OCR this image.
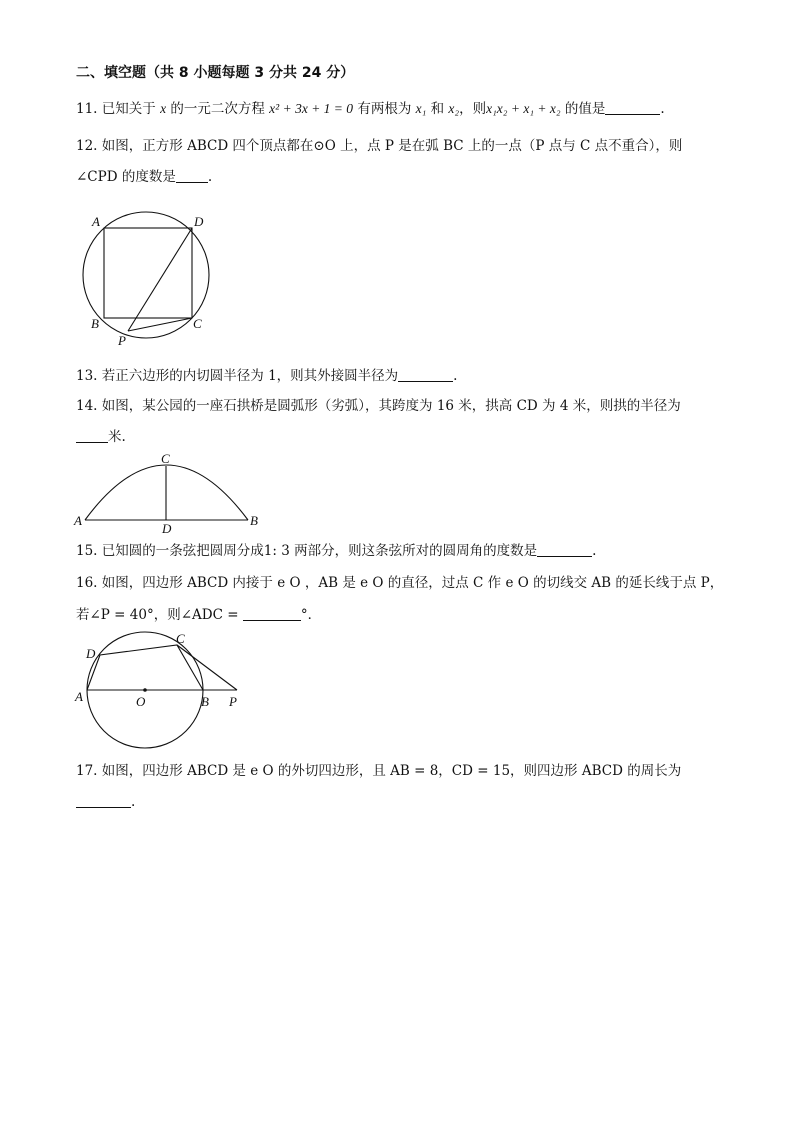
二、填空题（共 8 小题每题 3 分共 24 分）
11. 已知关于 x 的一元二次方程 x² + 3x + 1 = 0 有两根为 x₁ 和 x₂，则x₁x₂ + x₁ + x₂ 的值是	.
12. 如图，正方形 ABCD 四个顶点都在⊙O 上，点 P 是在弧 BC 上的一点（P 点与 C 点不重合），则
∠CPD 的度数是 .
A	D
B	C
P
13. 若正六边形的内切圆半径为 1，则其外接圆半径为	.
14. 如图，某公园的一座石拱桥是圆弧形（劣弧），其跨度为 16 米，拱高 CD 为 4 米，则拱的半径为
米.
C
A	B
D
15. 已知圆的一条弦把圆周分成1: 3 两部分，则这条弦所对的圆周角的度数是	.
16. 如图，四边形 ABCD 内接于 e O ，AB 是 e O 的直径，过点 C 作 e O 的切线交 AB 的延长线于点 P，
若∠P = 40°，则∠ADC =	°．
A
D
C
O	B P
17. 如图，四边形 ABCD 是 e O 的外切四边形，且 AB = 8，CD = 15，则四边形 ABCD 的周长为
.
